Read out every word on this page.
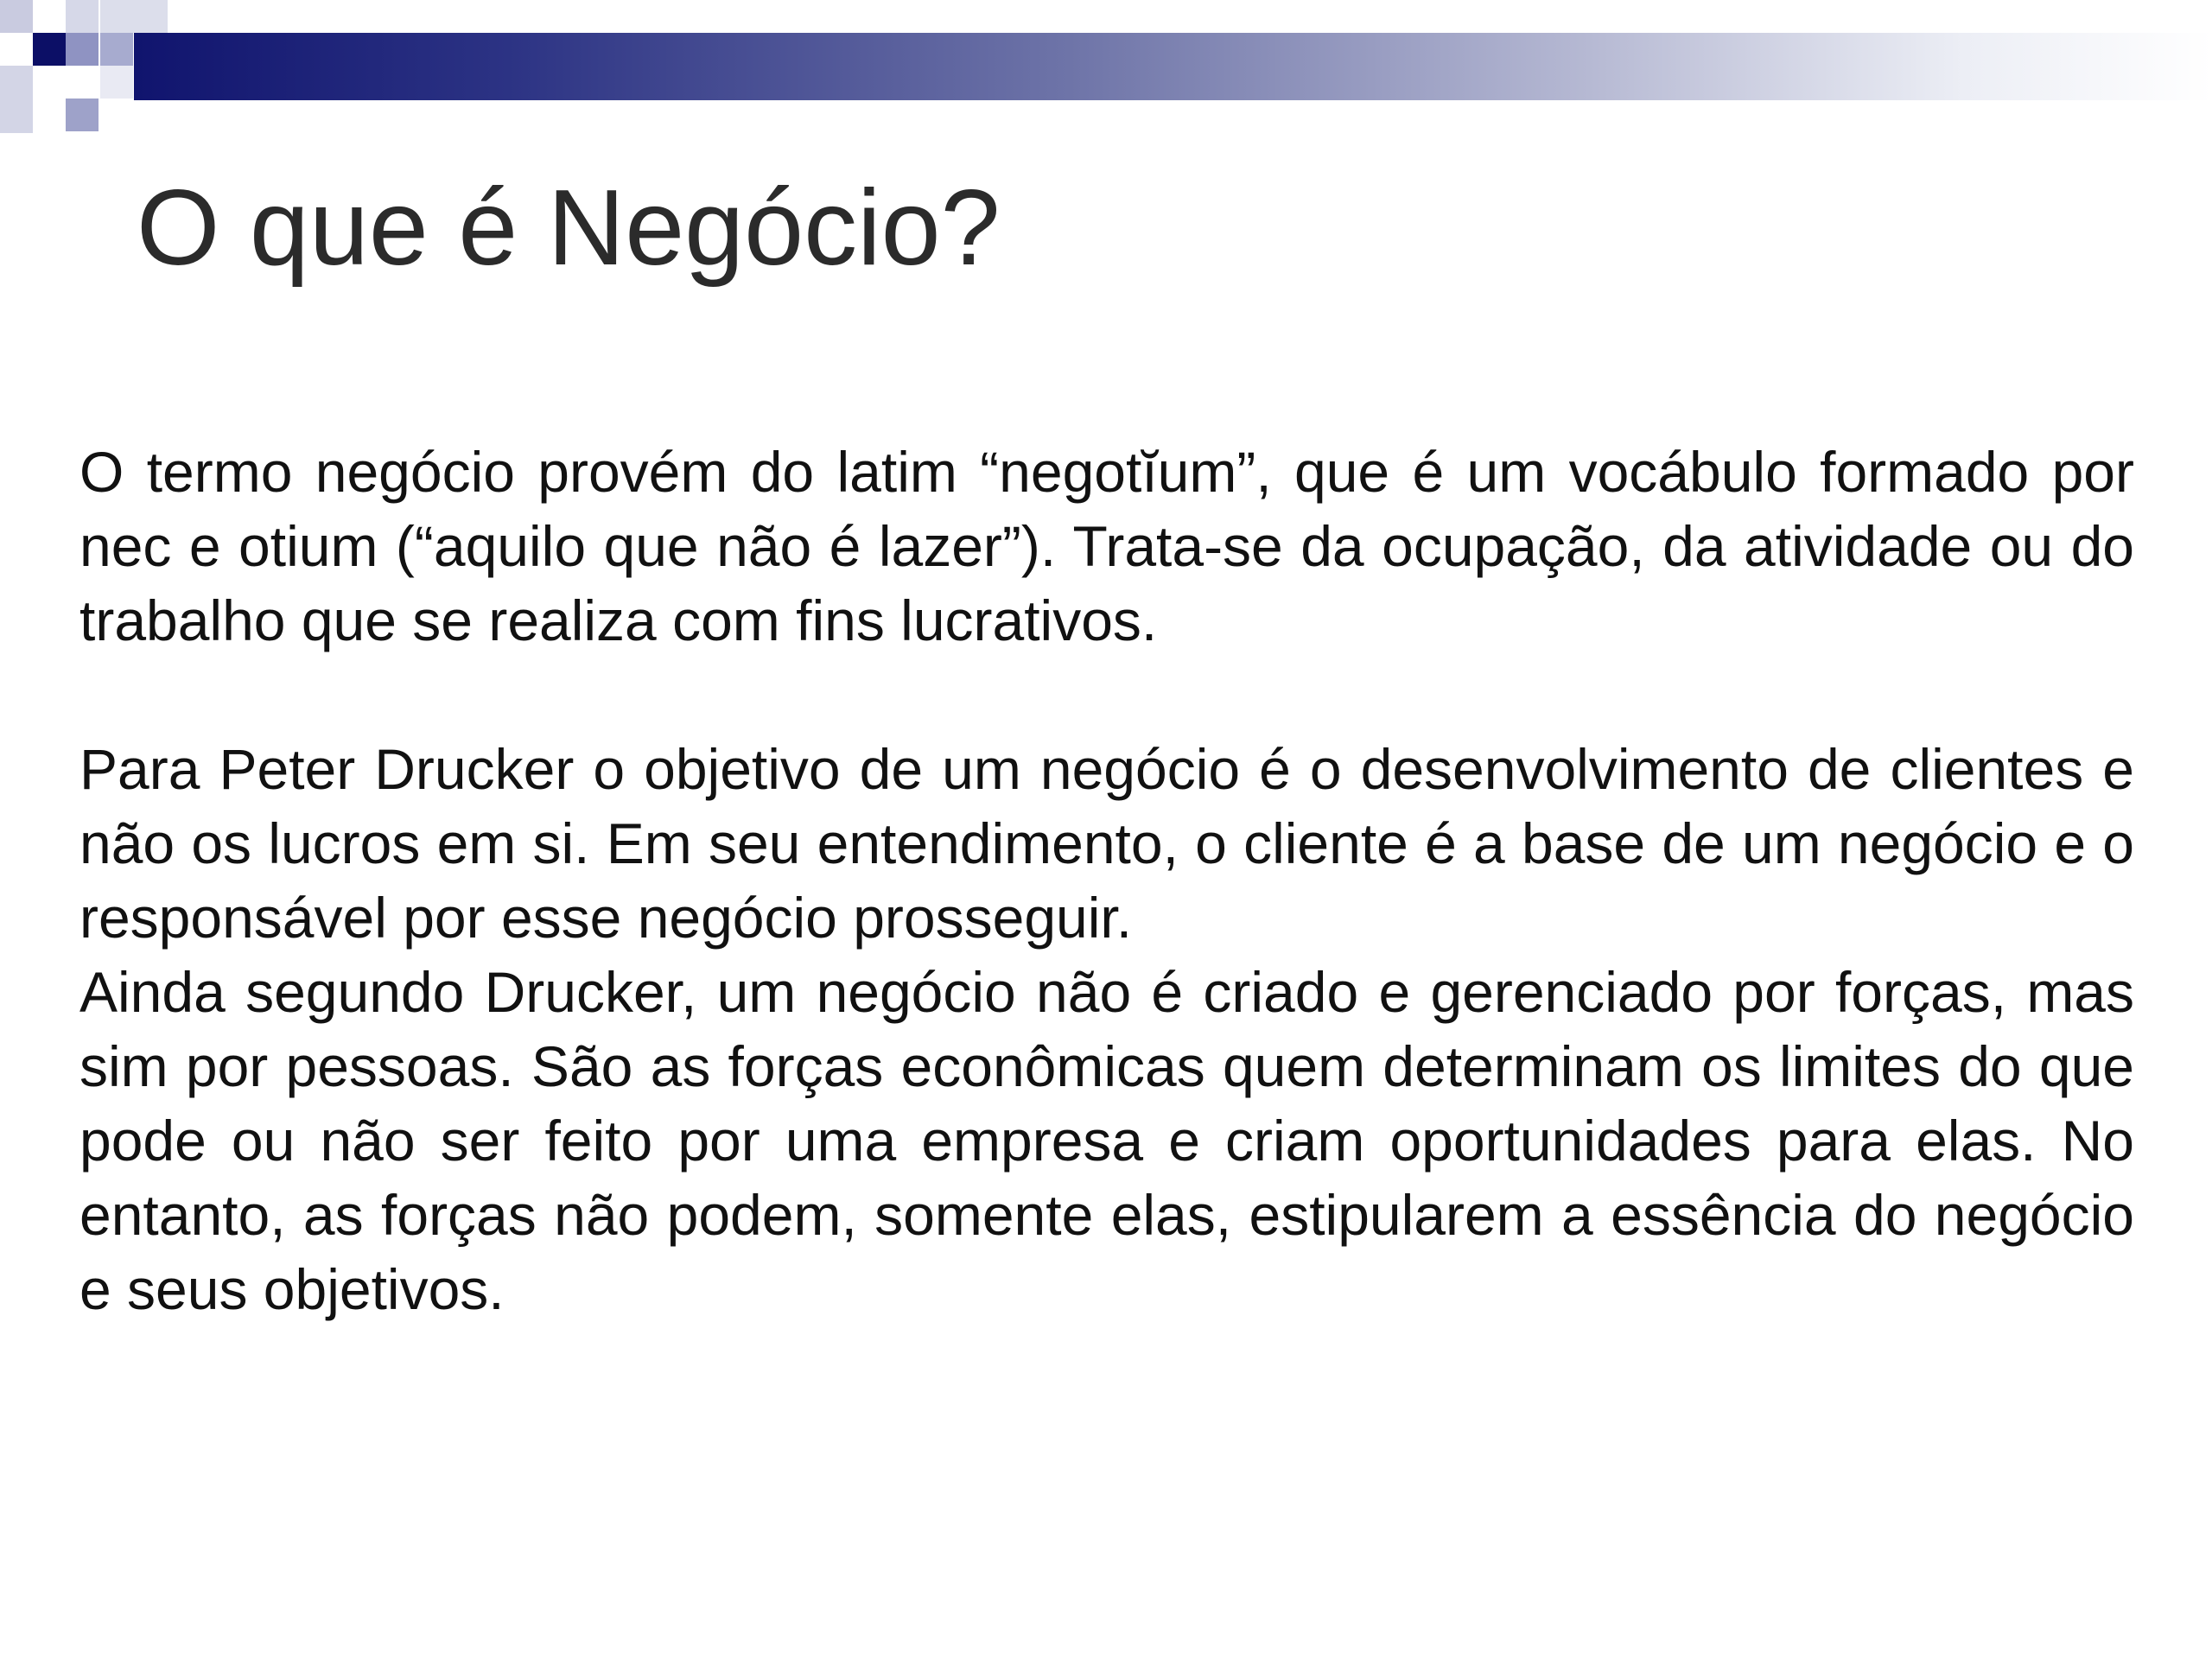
O que é Negócio?

O termo negócio provém do latim “negotĭum”, que é um vocábulo formado por nec e otium (“aquilo que não é lazer”). Trata-se da ocupação, da atividade ou do trabalho que se realiza com fins lucrativos.

Para Peter Drucker o objetivo de um negócio é o desenvolvimento de clientes e não os lucros em si. Em seu entendimento, o cliente é a base de um negócio e o responsável por esse negócio prosseguir.

Ainda segundo Drucker, um negócio não é criado e gerenciado por forças, mas sim por pessoas. São as forças econômicas quem determinam os limites do que pode ou não ser feito por uma empresa e criam oportunidades para elas. No entanto, as forças não podem, somente elas, estipularem a essência do negócio e seus objetivos.
